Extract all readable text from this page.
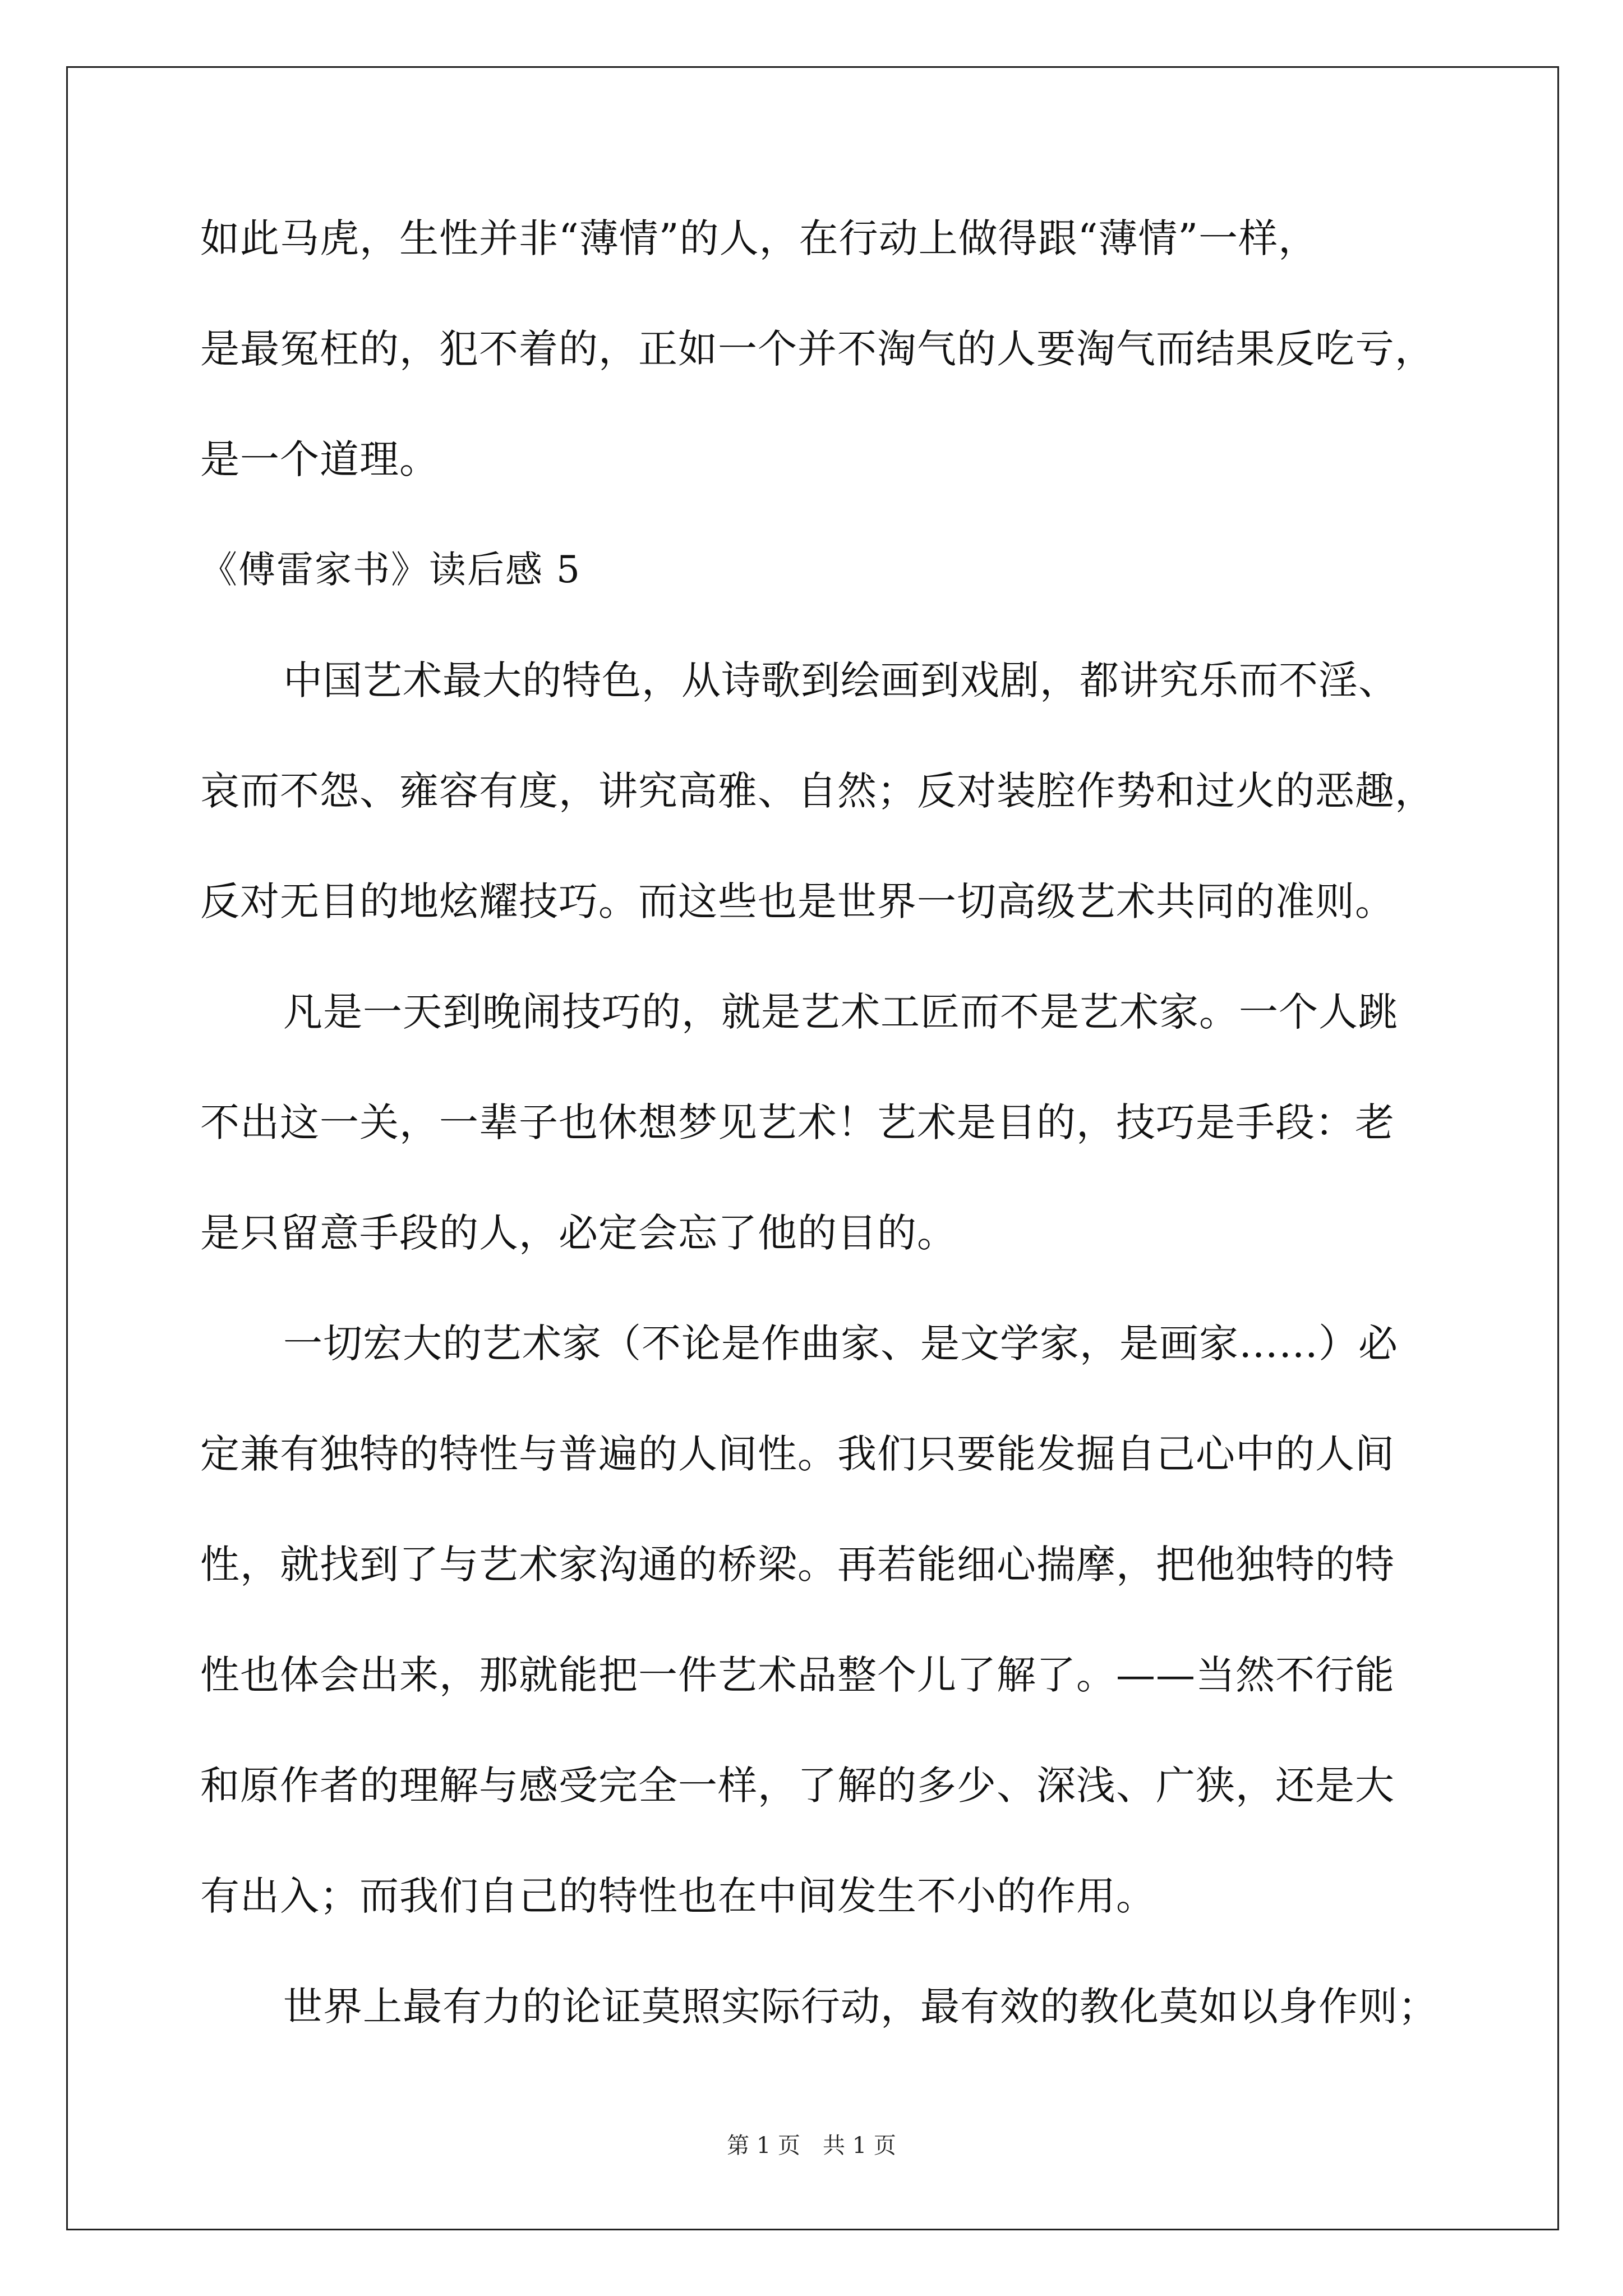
如此马虎，生性并非“薄情”的人，在行动上做得跟“薄情”一样，
是最冤枉的，犯不着的，正如一个并不淘气的人要淘气而结果反吃亏，
是一个道理。
《傅雷家书》读后感 5
中国艺术最大的特色，从诗歌到绘画到戏剧，都讲究乐而不淫、
哀而不怨、雍容有度，讲究高雅、自然；反对装腔作势和过火的恶趣，
反对无目的地炫耀技巧。而这些也是世界一切高级艺术共同的准则。
凡是一天到晚闹技巧的，就是艺术工匠而不是艺术家。一个人跳
不出这一关，一辈子也休想梦见艺术！艺术是目的，技巧是手段：老
是只留意手段的人，必定会忘了他的目的。
一切宏大的艺术家（不论是作曲家、是文学家，是画家……）必
定兼有独特的特性与普遍的人间性。我们只要能发掘自己心中的人间
性，就找到了与艺术家沟通的桥梁。再若能细心揣摩，把他独特的特
性也体会出来，那就能把一件艺术品整个儿了解了。——当然不行能
和原作者的理解与感受完全一样，了解的多少、深浅、广狭，还是大
有出入；而我们自己的特性也在中间发生不小的作用。
世界上最有力的论证莫照实际行动，最有效的教化莫如以身作则；
第 1 页　共 1 页
